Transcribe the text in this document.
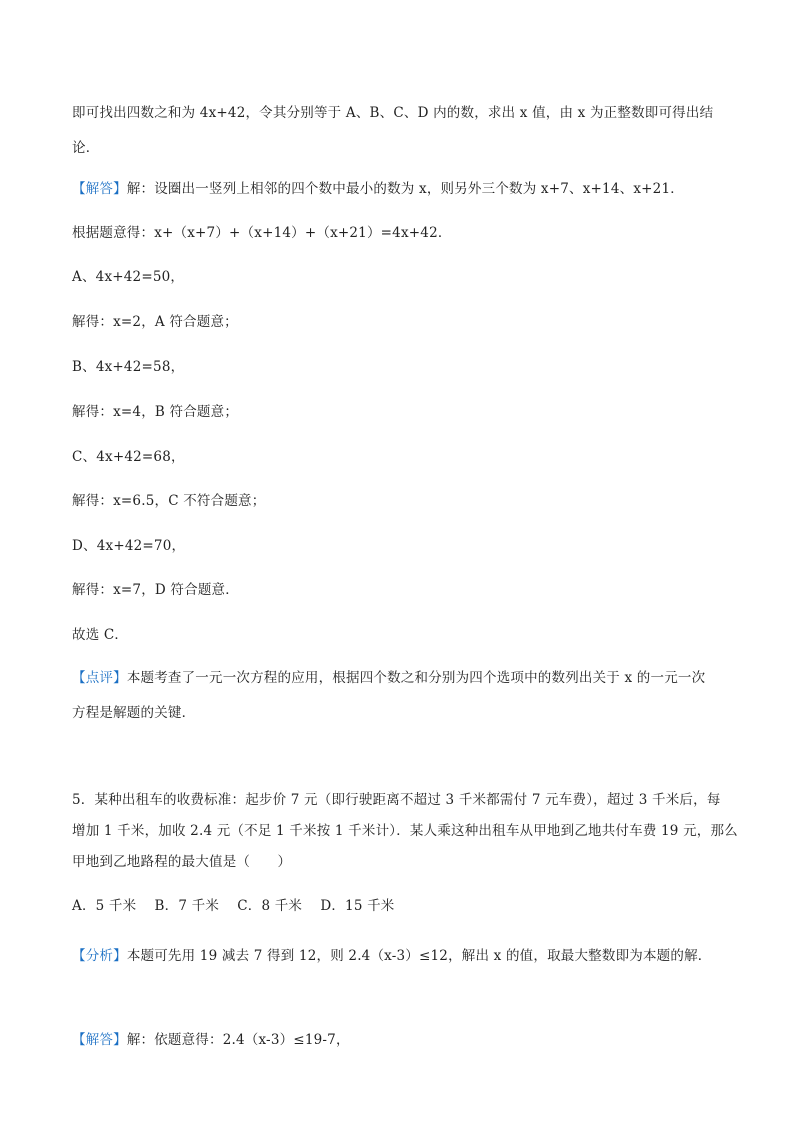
即可找出四数之和为 4x+42，令其分别等于 A、B、C、D 内的数，求出 x 值，由 x 为正整数即可得出结
论．
【解答】解：设圈出一竖列上相邻的四个数中最小的数为 x，则另外三个数为 x+7、x+14、x+21．
根据题意得：x+（x+7）+（x+14）+（x+21）=4x+42．
A、4x+42=50，
解得：x=2，A 符合题意；
B、4x+42=58，
解得：x=4，B 符合题意；
C、4x+42=68，
解得：x=6.5，C 不符合题意；
D、4x+42=70，
解得：x=7，D 符合题意．
故选 C．
【点评】本题考查了一元一次方程的应用，根据四个数之和分别为四个选项中的数列出关于 x 的一元一次
方程是解题的关键．
5．某种出租车的收费标准：起步价 7 元（即行驶距离不超过 3 千米都需付 7 元车费），超过 3 千米后，每
增加 1 千米，加收 2.4 元（不足 1 千米按 1 千米计）．某人乘这种出租车从甲地到乙地共付车费 19 元，那么
甲地到乙地路程的最大值是（　　）
A．5 千米　 B．7 千米　 C．8 千米　 D．15 千米
【分析】本题可先用 19 减去 7 得到 12，则 2.4（x-3）≤12，解出 x 的值，取最大整数即为本题的解．
【解答】解：依题意得：2.4（x-3）≤19-7，
